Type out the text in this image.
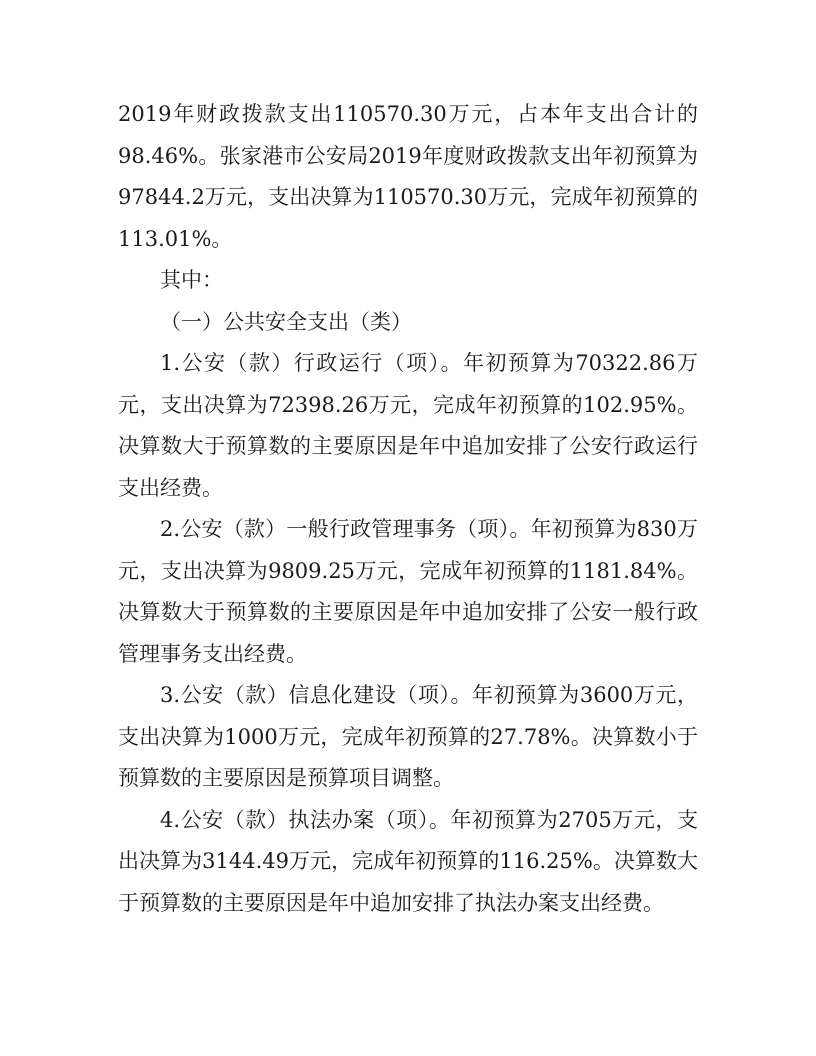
2019年财政拨款支出110570.30万元，占本年支出合计的98.46%。张家港市公安局2019年度财政拨款支出年初预算为97844.2万元，支出决算为110570.30万元，完成年初预算的113.01%。

其中：

（一）公共安全支出（类）

1.公安（款）行政运行（项）。年初预算为70322.86万元，支出决算为72398.26万元，完成年初预算的102.95%。决算数大于预算数的主要原因是年中追加安排了公安行政运行支出经费。

2.公安（款）一般行政管理事务（项）。年初预算为830万元，支出决算为9809.25万元，完成年初预算的1181.84%。决算数大于预算数的主要原因是年中追加安排了公安一般行政管理事务支出经费。

3.公安（款）信息化建设（项）。年初预算为3600万元，支出决算为1000万元，完成年初预算的27.78%。决算数小于预算数的主要原因是预算项目调整。

4.公安（款）执法办案（项）。年初预算为2705万元，支出决算为3144.49万元，完成年初预算的116.25%。决算数大于预算数的主要原因是年中追加安排了执法办案支出经费。
